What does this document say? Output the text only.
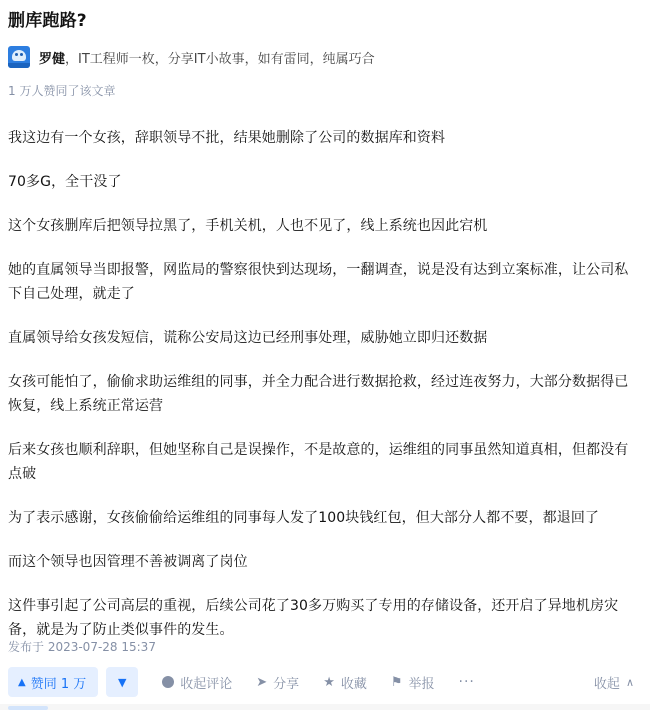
删库跑路?
罗健 ，IT工程师一枚，分享IT小故事，如有雷同，纯属巧合
1 万人赞同了该文章

我这边有一个女孩，辞职领导不批，结果她删除了公司的数据库和资料

70多G，全干没了

这个女孩删库后把领导拉黑了，手机关机，人也不见了，线上系统也因此宕机

她的直属领导当即报警，网监局的警察很快到达现场，一翻调查，说是没有达到立案标准，让公司私下自己处理，就走了

直属领导给女孩发短信，谎称公安局这边已经刑事处理，威胁她立即归还数据

女孩可能怕了，偷偷求助运维组的同事，并全力配合进行数据抢救，经过连夜努力，大部分数据得已恢复，线上系统正常运营

后来女孩也顺利辞职，但她坚称自己是误操作，不是故意的，运维组的同事虽然知道真相，但都没有点破

为了表示感谢，女孩偷偷给运维组的同事每人发了100块钱红包，但大部分人都不要，都退回了

而这个领导也因管理不善被调离了岗位

这件事引起了公司高层的重视，后续公司花了30多万购买了专用的存储设备，还开启了异地机房灾备，就是为了防止类似事件的发生。

发布于 2023-07-28 15:37
▲ 赞同 1 万	▼	收起评论 ➤ 分享 ★ 收藏 ⚑ 举报 ···	收起 ∧
